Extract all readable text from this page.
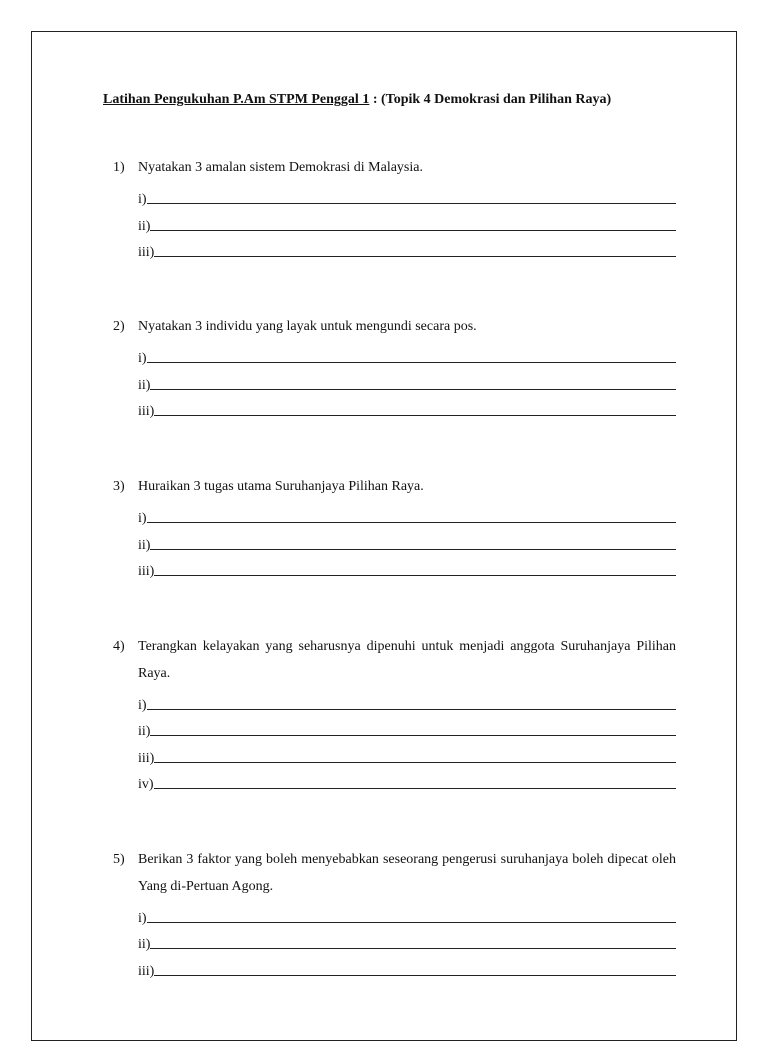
Latihan Pengukuhan P.Am STPM Penggal 1 : (Topik 4 Demokrasi dan Pilihan Raya)
1) Nyatakan 3 amalan sistem Demokrasi di Malaysia.
i)
ii)
iii)
2) Nyatakan 3 individu yang layak untuk mengundi secara pos.
i)
ii)
iii)
3) Huraikan 3 tugas utama Suruhanjaya Pilihan Raya.
i)
ii)
iii)
4) Terangkan kelayakan yang seharusnya dipenuhi untuk menjadi anggota Suruhanjaya Pilihan Raya.
i)
ii)
iii)
iv)
5) Berikan 3 faktor yang boleh menyebabkan seseorang pengerusi suruhanjaya boleh dipecat oleh Yang di-Pertuan Agong.
i)
ii)
iii)
